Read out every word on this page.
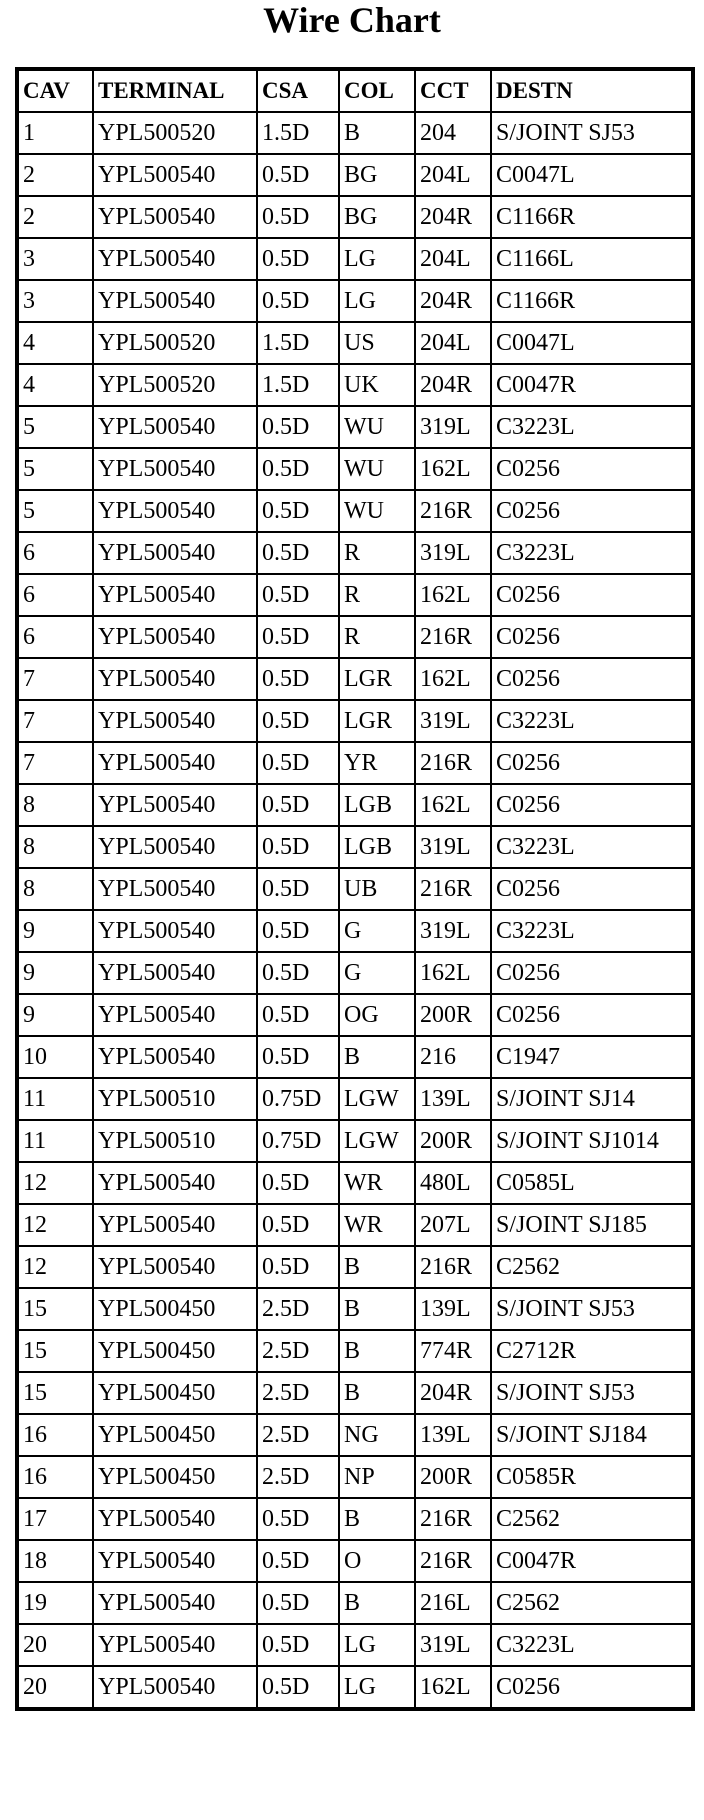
Wire Chart
CAV	TERMINAL	CSA	COL	CCT	DESTN
1	YPL500520	1.5D	B	204	S/JOINT SJ53
2	YPL500540	0.5D	BG	204L	C0047L
2	YPL500540	0.5D	BG	204R	C1166R
3	YPL500540	0.5D	LG	204L	C1166L
3	YPL500540	0.5D	LG	204R	C1166R
4	YPL500520	1.5D	US	204L	C0047L
4	YPL500520	1.5D	UK	204R	C0047R
5	YPL500540	0.5D	WU	319L	C3223L
5	YPL500540	0.5D	WU	162L	C0256
5	YPL500540	0.5D	WU	216R	C0256
6	YPL500540	0.5D	R	319L	C3223L
6	YPL500540	0.5D	R	162L	C0256
6	YPL500540	0.5D	R	216R	C0256
7	YPL500540	0.5D	LGR	162L	C0256
7	YPL500540	0.5D	LGR	319L	C3223L
7	YPL500540	0.5D	YR	216R	C0256
8	YPL500540	0.5D	LGB	162L	C0256
8	YPL500540	0.5D	LGB	319L	C3223L
8	YPL500540	0.5D	UB	216R	C0256
9	YPL500540	0.5D	G	319L	C3223L
9	YPL500540	0.5D	G	162L	C0256
9	YPL500540	0.5D	OG	200R	C0256
10	YPL500540	0.5D	B	216	C1947
11	YPL500510	0.75D	LGW	139L	S/JOINT SJ14
11	YPL500510	0.75D	LGW	200R	S/JOINT SJ1014
12	YPL500540	0.5D	WR	480L	C0585L
12	YPL500540	0.5D	WR	207L	S/JOINT SJ185
12	YPL500540	0.5D	B	216R	C2562
15	YPL500450	2.5D	B	139L	S/JOINT SJ53
15	YPL500450	2.5D	B	774R	C2712R
15	YPL500450	2.5D	B	204R	S/JOINT SJ53
16	YPL500450	2.5D	NG	139L	S/JOINT SJ184
16	YPL500450	2.5D	NP	200R	C0585R
17	YPL500540	0.5D	B	216R	C2562
18	YPL500540	0.5D	O	216R	C0047R
19	YPL500540	0.5D	B	216L	C2562
20	YPL500540	0.5D	LG	319L	C3223L
20	YPL500540	0.5D	LG	162L	C0256
